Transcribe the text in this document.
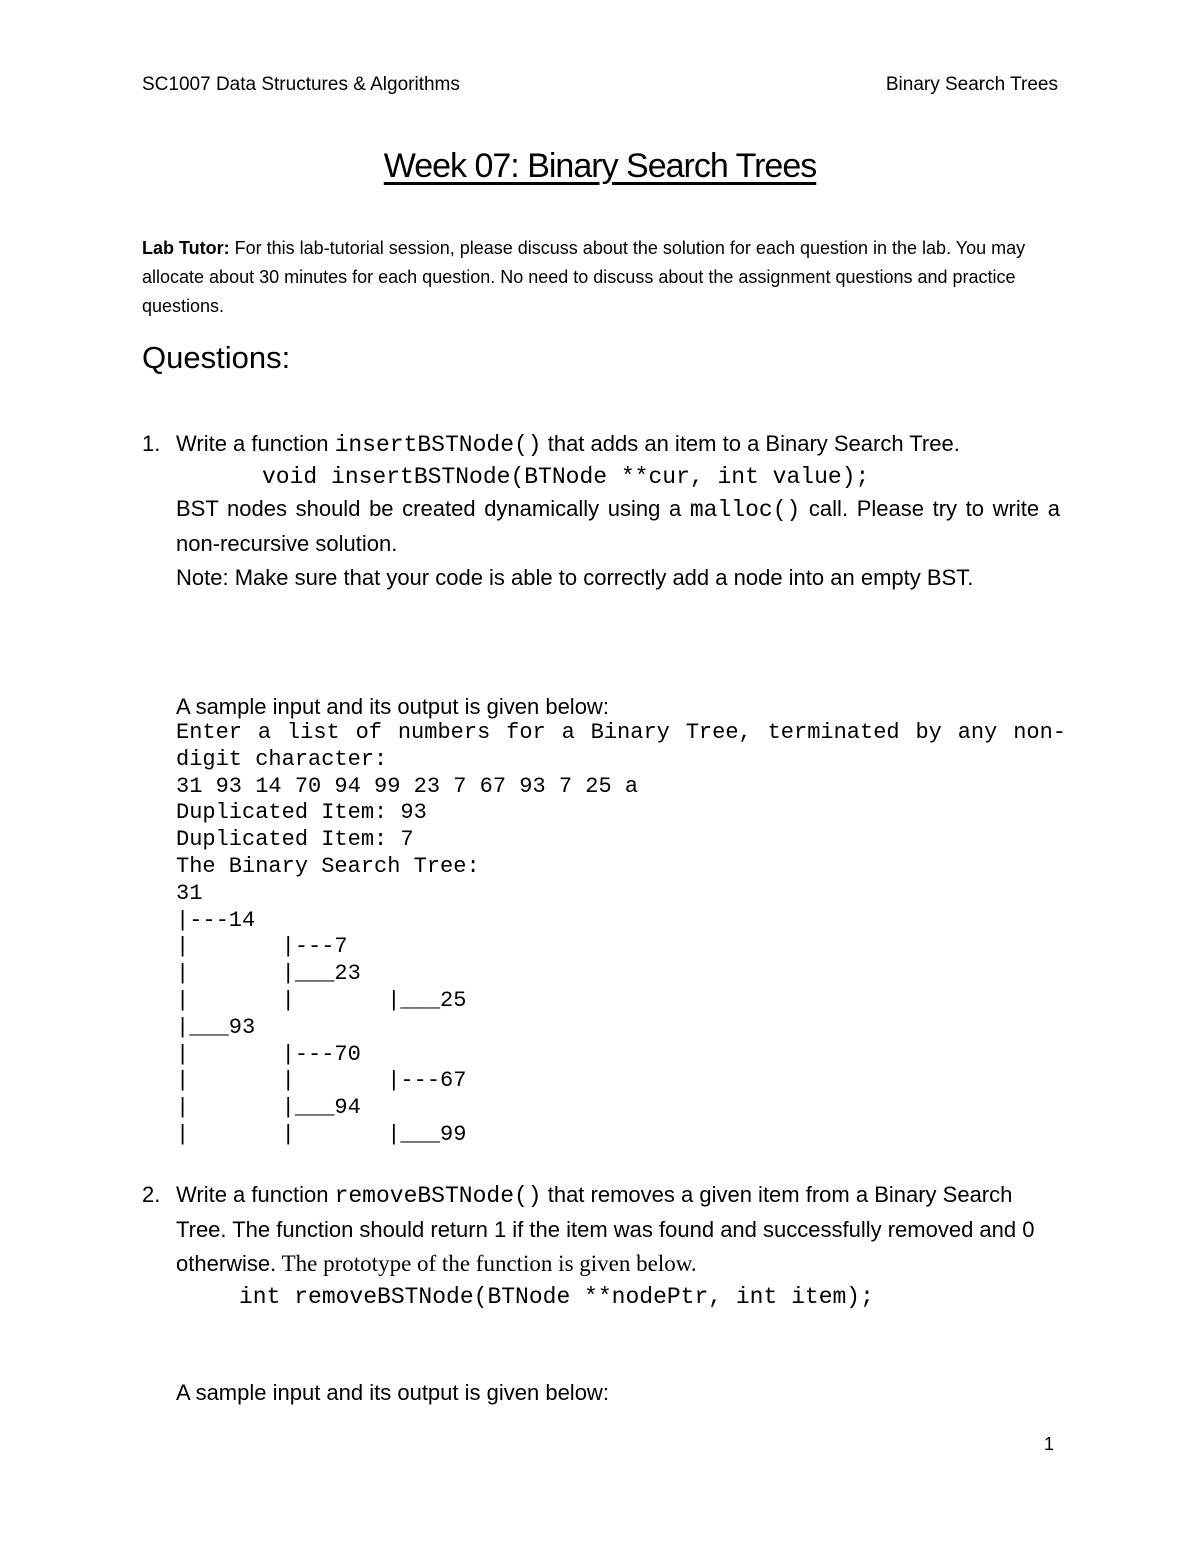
SC1007 Data Structures & Algorithms	Binary Search Trees
Week 07: Binary Search Trees
Lab Tutor: For this lab-tutorial session, please discuss about the solution for each question in the lab. You may allocate about 30 minutes for each question. No need to discuss about the assignment questions and practice questions.
Questions:
1. Write a function insertBSTNode() that adds an item to a Binary Search Tree.

void insertBSTNode(BTNode **cur, int value);

BST nodes should be created dynamically using a malloc() call. Please try to write a non-recursive solution.

Note: Make sure that your code is able to correctly add a node into an empty BST.

A sample input and its output is given below:
Enter a list of numbers for a Binary Tree, terminated by any non-digit character:
31 93 14 70 94 99 23 7 67 93 7 25 a
Duplicated Item: 93
Duplicated Item: 7
The Binary Search Tree:
31
|---14
|       |---7
|       |___23
|       |       |___25
|___93
|       |---70
|       |       |---67
|       |___94
|       |       |___99
2. Write a function removeBSTNode() that removes a given item from a Binary Search Tree. The function should return 1 if the item was found and successfully removed and 0 otherwise. The prototype of the function is given below.

int removeBSTNode(BTNode **nodePtr, int item);

A sample input and its output is given below:
1
